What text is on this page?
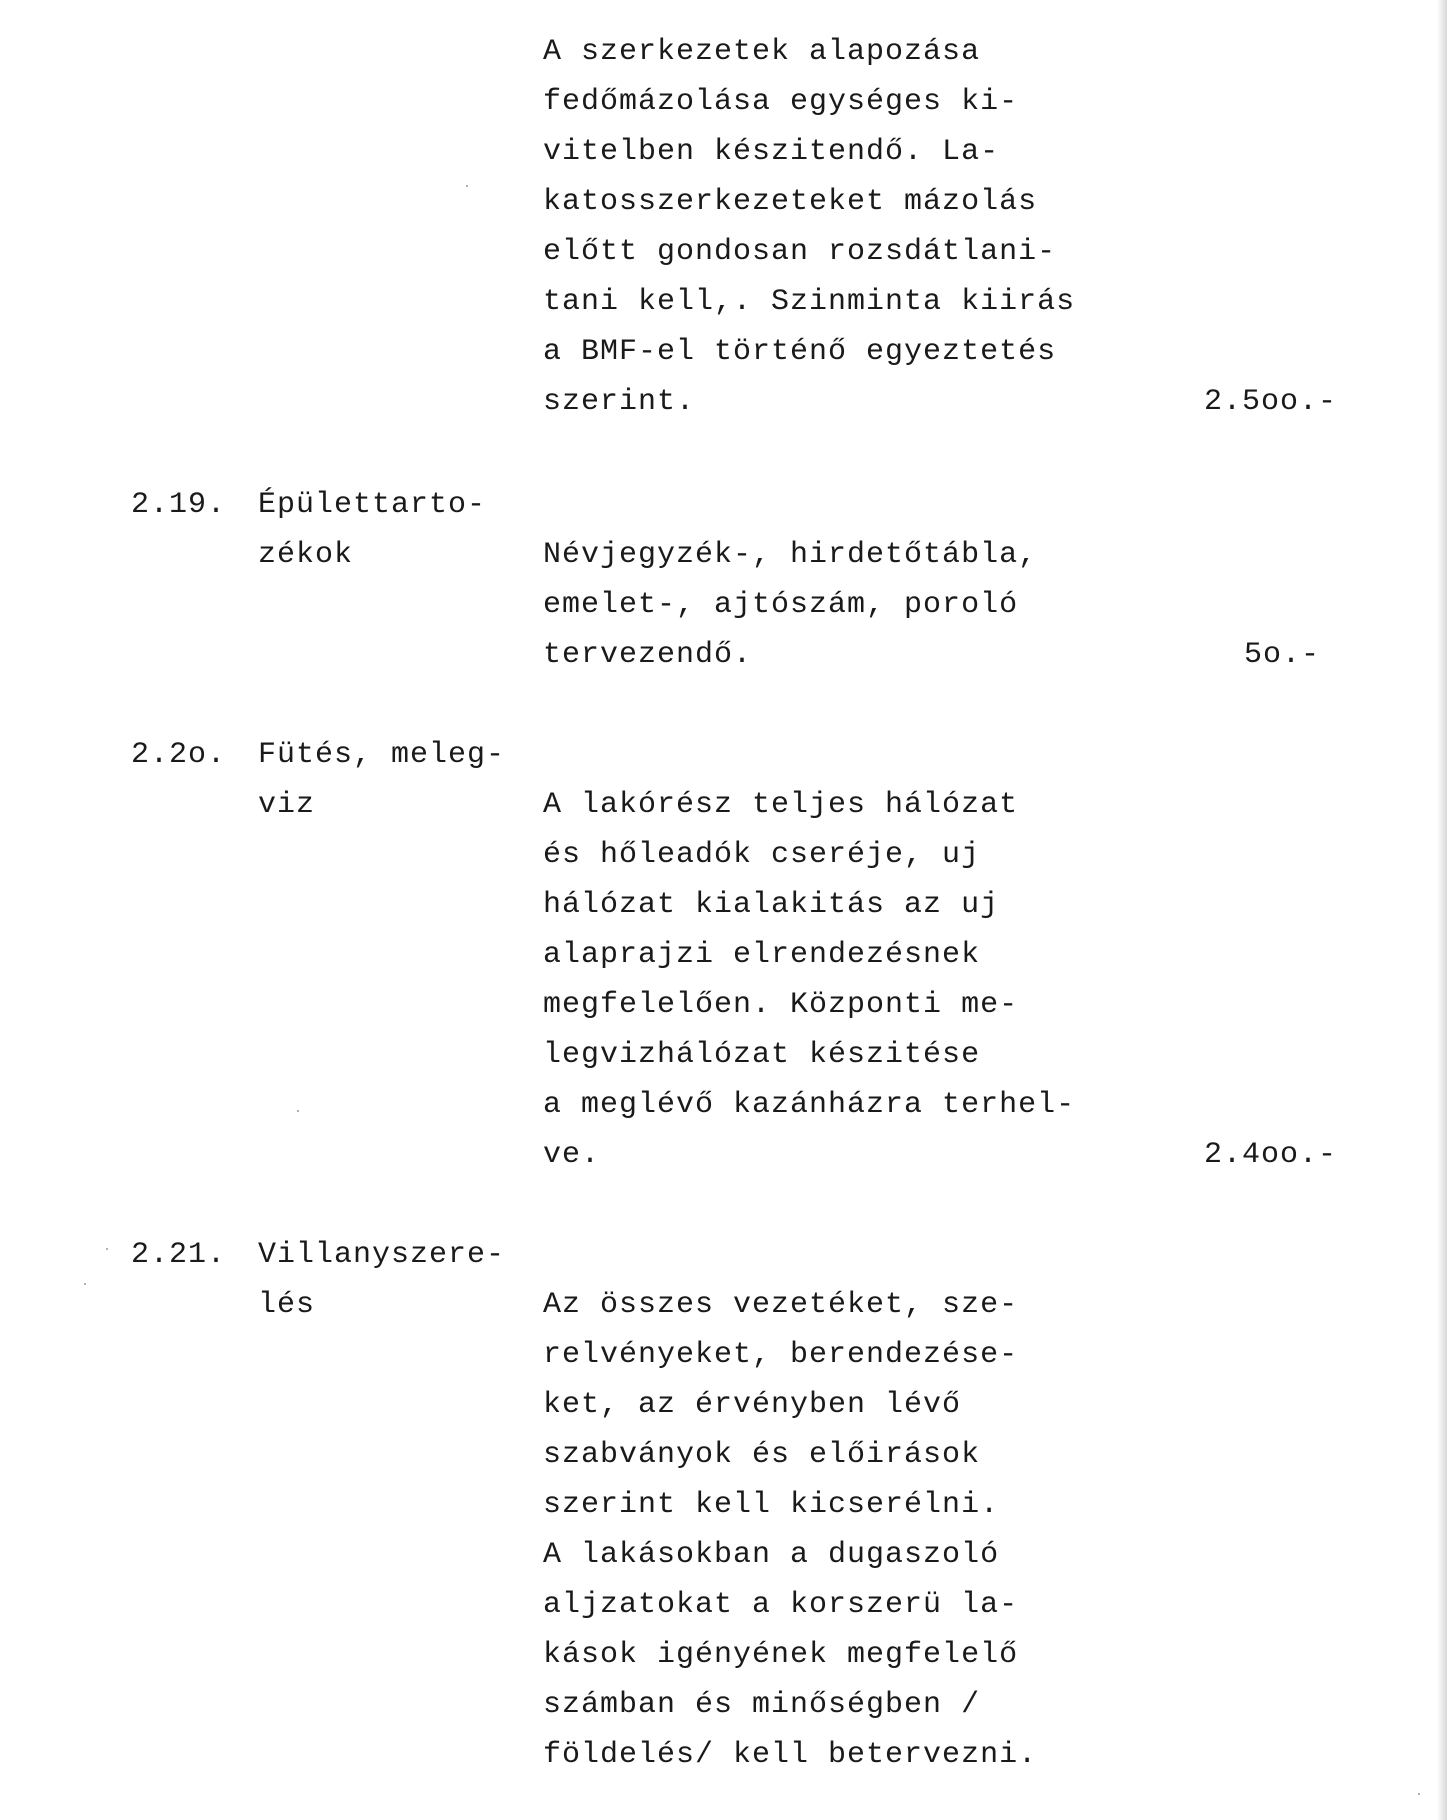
A szerkezetek alapozása
fedőmázolása egységes ki-
vitelben készitendő. La-
katosszerkezeteket mázolás
előtt gondosan rozsdátlani-
tani kell,. Szinminta kiirás
a BMF-el történő egyeztetés
szerint.	2.5oo.-
2.19. Épülettarto-
zékok	Névjegyzék-, hirdetőtábla,
emelet-, ajtószám, poroló
tervezendő.	5o.-
2.2o. Fütés, meleg-
viz	A lakórész teljes hálózat
és hőleadók cseréje, uj
hálózat kialakitás az uj
alaprajzi elrendezésnek
megfelelően. Központi me-
legvizhálózat készitése
a meglévő kazánházra terhel-
ve.	2.4oo.-
2.21. Villanyszere-
lés	Az összes vezetéket, sze-
relvényeket, berendezése-
ket, az érvényben lévő
szabványok és előirások
szerint kell kicserélni.
A lakásokban a dugaszoló
aljzatokat a korszerü la-
kások igényének megfelelő
számban és minőségben /
földelés/ kell betervezni.
